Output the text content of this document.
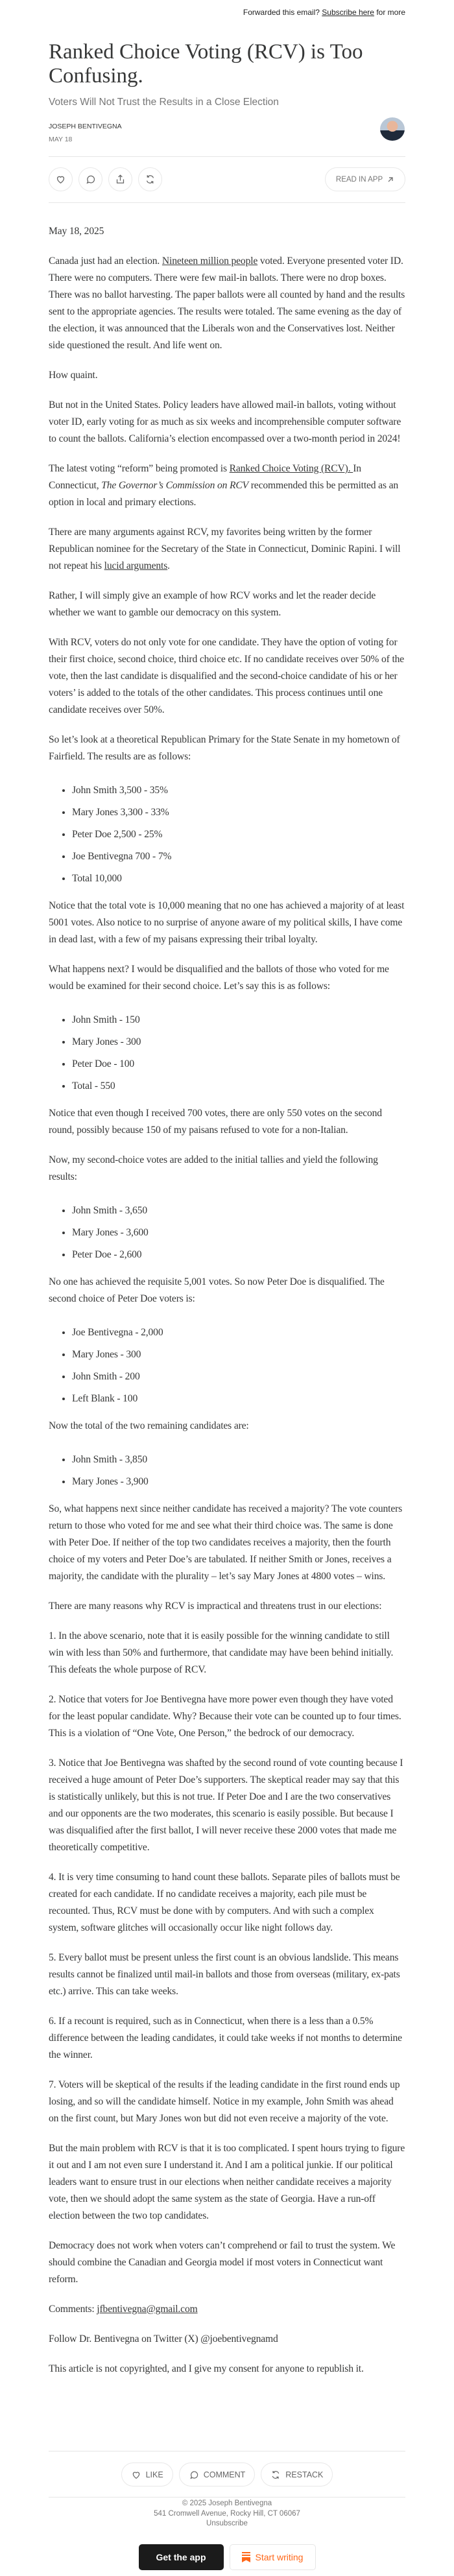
Forwarded this email? Subscribe here for more
Ranked Choice Voting (RCV) is Too Confusing.
Voters Will Not Trust the Results in a Close Election
JOSEPH BENTIVEGNA
MAY 18
READ IN APP

May 18, 2025

Canada just had an election. Nineteen million people voted. Everyone presented voter ID. There were no computers. There were few mail-in ballots. There were no drop boxes. There was no ballot harvesting. The paper ballots were all counted by hand and the results sent to the appropriate agencies. The results were totaled. The same evening as the day of the election, it was announced that the Liberals won and the Conservatives lost. Neither side questioned the result. And life went on.

How quaint.

But not in the United States. Policy leaders have allowed mail-in ballots, voting without voter ID, early voting for as much as six weeks and incomprehensible computer software to count the ballots. California’s election encompassed over a two-month period in 2024!

The latest voting “reform” being promoted is Ranked Choice Voting (RCV). In Connecticut, The Governor’s Commission on RCV recommended this be permitted as an option in local and primary elections.

There are many arguments against RCV, my favorites being written by the former Republican nominee for the Secretary of the State in Connecticut, Dominic Rapini. I will not repeat his lucid arguments.

Rather, I will simply give an example of how RCV works and let the reader decide whether we want to gamble our democracy on this system.

With RCV, voters do not only vote for one candidate. They have the option of voting for their first choice, second choice, third choice etc. If no candidate receives over 50% of the vote, then the last candidate is disqualified and the second-choice candidate of his or her voters’ is added to the totals of the other candidates. This process continues until one candidate receives over 50%.

So let’s look at a theoretical Republican Primary for the State Senate in my hometown of Fairfield. The results are as follows:

• John Smith 3,500 - 35%
• Mary Jones 3,300 - 33%
• Peter Doe 2,500 - 25%
• Joe Bentivegna 700 - 7%
• Total 10,000

Notice that the total vote is 10,000 meaning that no one has achieved a majority of at least 5001 votes. Also notice to no surprise of anyone aware of my political skills, I have come in dead last, with a few of my paisans expressing their tribal loyalty.

What happens next? I would be disqualified and the ballots of those who voted for me would be examined for their second choice. Let’s say this is as follows:

• John Smith - 150
• Mary Jones - 300
• Peter Doe - 100
• Total - 550

Notice that even though I received 700 votes, there are only 550 votes on the second round, possibly because 150 of my paisans refused to vote for a non-Italian.

Now, my second-choice votes are added to the initial tallies and yield the following results:

• John Smith - 3,650
• Mary Jones - 3,600
• Peter Doe - 2,600

No one has achieved the requisite 5,001 votes. So now Peter Doe is disqualified. The second choice of Peter Doe voters is:

• Joe Bentivegna - 2,000
• Mary Jones - 300
• John Smith - 200
• Left Blank - 100

Now the total of the two remaining candidates are:

• John Smith - 3,850
• Mary Jones - 3,900

So, what happens next since neither candidate has received a majority? The vote counters return to those who voted for me and see what their third choice was. The same is done with Peter Doe. If neither of the top two candidates receives a majority, then the fourth choice of my voters and Peter Doe’s are tabulated. If neither Smith or Jones, receives a majority, the candidate with the plurality – let’s say Mary Jones at 4800 votes – wins.

There are many reasons why RCV is impractical and threatens trust in our elections:

1. In the above scenario, note that it is easily possible for the winning candidate to still win with less than 50% and furthermore, that candidate may have been behind initially. This defeats the whole purpose of RCV.

2. Notice that voters for Joe Bentivegna have more power even though they have voted for the least popular candidate. Why? Because their vote can be counted up to four times. This is a violation of “One Vote, One Person,” the bedrock of our democracy.

3. Notice that Joe Bentivegna was shafted by the second round of vote counting because I received a huge amount of Peter Doe’s supporters. The skeptical reader may say that this is statistically unlikely, but this is not true. If Peter Doe and I are the two conservatives and our opponents are the two moderates, this scenario is easily possible. But because I was disqualified after the first ballot, I will never receive these 2000 votes that made me theoretically competitive.

4. It is very time consuming to hand count these ballots. Separate piles of ballots must be created for each candidate. If no candidate receives a majority, each pile must be recounted. Thus, RCV must be done with by computers. And with such a complex system, software glitches will occasionally occur like night follows day.

5. Every ballot must be present unless the first count is an obvious landslide. This means results cannot be finalized until mail-in ballots and those from overseas (military, ex-pats etc.) arrive. This can take weeks.

6. If a recount is required, such as in Connecticut, when there is a less than a 0.5% difference between the leading candidates, it could take weeks if not months to determine the winner.

7. Voters will be skeptical of the results if the leading candidate in the first round ends up losing, and so will the candidate himself. Notice in my example, John Smith was ahead on the first count, but Mary Jones won but did not even receive a majority of the vote.

But the main problem with RCV is that it is too complicated. I spent hours trying to figure it out and I am not even sure I understand it. And I am a political junkie. If our political leaders want to ensure trust in our elections when neither candidate receives a majority vote, then we should adopt the same system as the state of Georgia. Have a run-off election between the two top candidates.

Democracy does not work when voters can’t comprehend or fail to trust the system. We should combine the Canadian and Georgia model if most voters in Connecticut want reform.

Comments: jfbentivegna@gmail.com

Follow Dr. Bentivegna on Twitter (X) @joebentivegnamd

This article is not copyrighted, and I give my consent for anyone to republish it.

LIKE	COMMENT	RESTACK
© 2025 Joseph Bentivegna
541 Cromwell Avenue, Rocky Hill, CT 06067
Unsubscribe
Get the app	Start writing
